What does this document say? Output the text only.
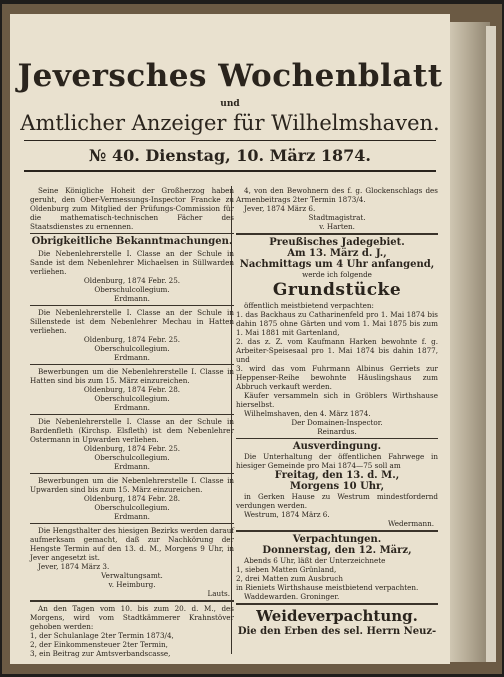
Jeversches Wochenblatt
und
Amtlicher Anzeiger für Wilhelmshaven.
№ 40. Dienstag, 10. März 1874.
Seine Königliche Hoheit der Großherzog haben geruht, den Ober-Vermessungs-Inspector Francke zu Oldenburg zum Mitglied der Prüfungs-Commission für die mathematisch-technischen Fächer des Staatsdienstes zu ernennen.
Obrigkeitliche Bekanntmachungen.
Die Nebenlehrerstelle I. Classe an der Schule in Sande ist dem Nebenlehrer Michaelsen in Süllwarden verliehen.
Oldenburg, 1874 Febr. 25.
Oberschulcollegium.
Erdmann.
Die Nebenlehrerstelle I. Classe an der Schule in Sillenstede ist dem Nebenlehrer Mechau in Hatten verliehen.
Oldenburg, 1874 Febr. 25.
Oberschulcollegium.
Erdmann.
Bewerbungen um die Nebenlehrerstelle I. Classe in Hatten sind bis zum 15. März einzureichen.
Oldenburg, 1874 Febr. 28.
Oberschulcollegium.
Erdmann.
Die Nebenlehrerstelle I. Classe an der Schule in Bardenfleth (Kirchsp. Elsfleth) ist dem Nebenlehrer Ostermann in Upwarden verliehen.
Oldenburg, 1874 Febr. 25.
Oberschulcollegium.
Erdmann.
Bewerbungen um die Nebenlehrerstelle I. Classe in Upwarden sind bis zum 15. März einzureichen.
Oldenburg, 1874 Febr. 28.
Oberschulcollegium.
Erdmann.
Die Hengsthalter des hiesigen Bezirks werden darauf aufmerksam gemacht, daß zur Nachkörung der Hengste Termin auf den 13. d. M., Morgens 9 Uhr, in Jever angesetzt ist.
Jever, 1874 März 3.
Verwaltungsamt.
v. Heimburg.
Lauts.
An den Tagen vom 10. bis zum 20. d. M., des Morgens, wird vom Stadtkämmerer Krahnstöver gehoben werden:
1, der Schulanlage 2ter Termin 1873/4,
2, der Einkommensteuer 2ter Termin,
3, ein Beitrag zur Amtsverbandscasse,
4, von den Bewohnern des f. g. Glockenschlags des Armenbeitrags 2ter Termin 1873/4.
Jever, 1874 März 6.
Stadtmagistrat.
v. Harten.
Preußisches Jadegebiet.
Am 13. März d. J.,
Nachmittags um 4 Uhr anfangend,
werde ich folgende
Grundstücke
öffentlich meistbietend verpachten:
1. das Backhaus zu Catharinenfeld pro 1. Mai 1874 bis dahin 1875 ohne Gärten und vom 1. Mai 1875 bis zum 1. Mai 1881 mit Gartenland,
2. das z. Z. vom Kaufmann Harken bewohnte f. g. Arbeiter-Speisesaal pro 1. Mai 1874 bis dahin 1877, und
3. wird das vom Fuhrmann Albinus Gerriets zur Heppenser-Reihe bewohnte Häuslingshaus zum Abbruch verkauft werden.
Käufer versammeln sich in Gröblers Wirthshause hierselbst.
Wilhelmshaven, den 4. März 1874.
Der Domainen-Inspector.
Reinardus.
Ausverdingung.
Die Unterhaltung der öffentlichen Fahrwege in hiesiger Gemeinde pro Mai 1874—75 soll am
Freitag, den 13. d. M.,
Morgens 10 Uhr,
in Gerken Hause zu Westrum mindestfordernd verdungen werden.
Westrum, 1874 März 6.
Wedermann.
Verpachtungen.
Donnerstag, den 12. März,
Abends 6 Uhr, läßt der Unterzeichnete
1, sieben Matten Grünland,
2, drei Matten zum Ausbruch
in Rieniets Wirthshause meistbietend verpachten.
Waddewarden. Groninger.
Weideverpachtung.
Die den Erben des sel. Herrn Neuz-
